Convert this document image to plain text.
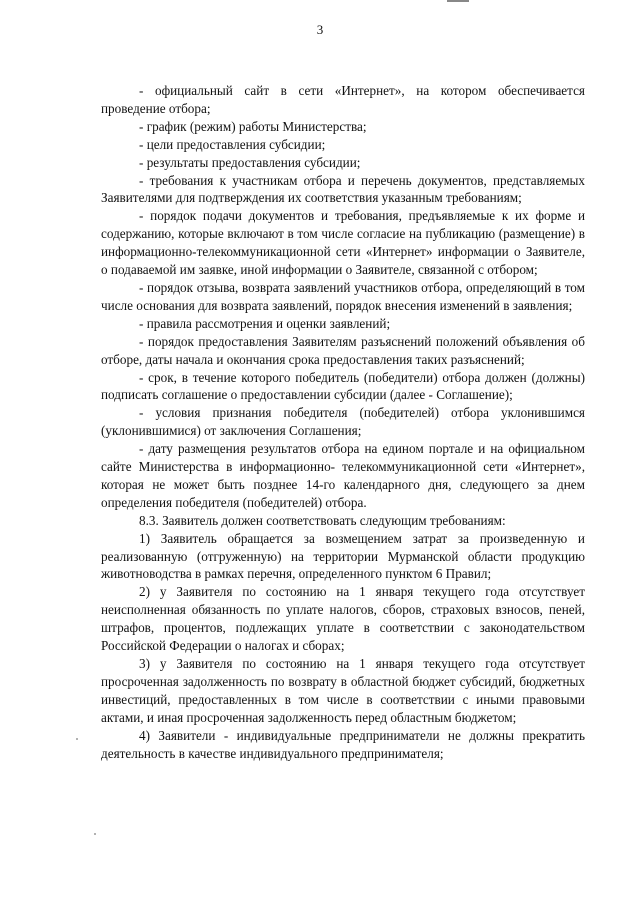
3

- официальный сайт в сети «Интернет», на котором обеспечивается проведение отбора;

- график (режим) работы Министерства;

- цели предоставления субсидии;

- результаты предоставления субсидии;

- требования к участникам отбора и перечень документов, представляемых Заявителями для подтверждения их соответствия указанным требованиям;

- порядок подачи документов и требования, предъявляемые к их форме и содержанию, которые включают в том числе согласие на публикацию (размещение) в информационно-телекоммуникационной сети «Интернет» информации о Заявителе, о подаваемой им заявке, иной информации о Заявителе, связанной с отбором;

- порядок отзыва, возврата заявлений участников отбора, определяющий в том числе основания для возврата заявлений, порядок внесения изменений в заявления;

- правила рассмотрения и оценки заявлений;

- порядок предоставления Заявителям разъяснений положений объявления об отборе, даты начала и окончания срока предоставления таких разъяснений;

- срок, в течение которого победитель (победители) отбора должен (должны) подписать соглашение о предоставлении субсидии (далее - Соглашение);

- условия признания победителя (победителей) отбора уклонившимся (уклонившимися) от заключения Соглашения;

- дату размещения результатов отбора на едином портале и на официальном сайте Министерства в информационно- телекоммуникационной сети «Интернет», которая не может быть позднее 14-го календарного дня, следующего за днем определения победителя (победителей) отбора.

8.3. Заявитель должен соответствовать следующим требованиям:

1) Заявитель обращается за возмещением затрат за произведенную и реализованную (отгруженную) на территории Мурманской области продукцию животноводства в рамках перечня, определенного пунктом 6 Правил;

2) у Заявителя по состоянию на 1 января текущего года отсутствует неисполненная обязанность по уплате налогов, сборов, страховых взносов, пеней, штрафов, процентов, подлежащих уплате в соответствии с законодательством Российской Федерации о налогах и сборах;

3) у Заявителя по состоянию на 1 января текущего года отсутствует просроченная задолженность по возврату в областной бюджет субсидий, бюджетных инвестиций, предоставленных в том числе в соответствии с иными правовыми актами, и иная просроченная задолженность перед областным бюджетом;

4) Заявители - индивидуальные предприниматели не должны прекратить деятельность в качестве индивидуального предпринимателя;
